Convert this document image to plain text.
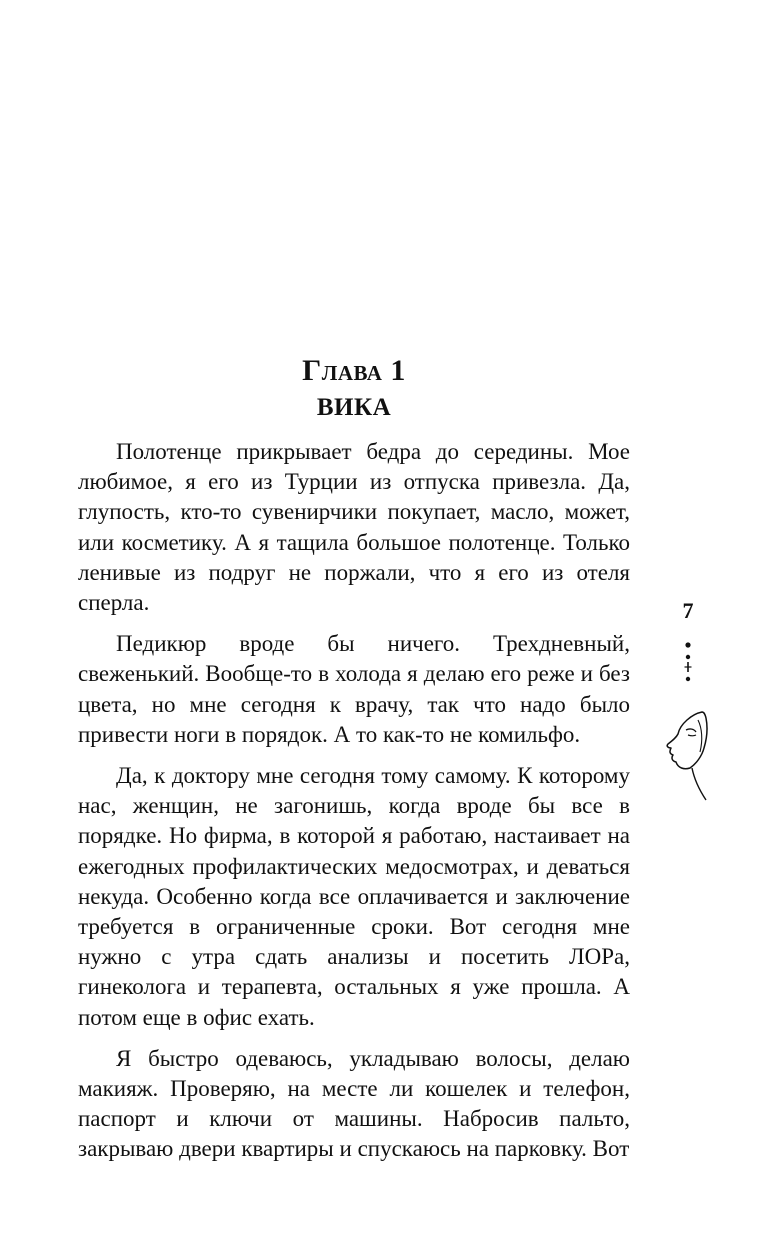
Глава 1
ВИКА

Полотенце прикрывает бедра до середины. Мое любимое, я его из Турции из отпуска привезла. Да, глупость, кто-то сувенирчики покупает, масло, может, или косметику. А я тащила большое полотенце. Только ленивые из подруг не поржали, что я его из отеля сперла.

Педикюр вроде бы ничего. Трехдневный, свеженький. Вообще-то в холода я делаю его реже и без цвета, но мне сегодня к врачу, так что надо было привести ноги в порядок. А то как-то не комильфо.

Да, к доктору мне сегодня тому самому. К которому нас, женщин, не загонишь, когда вроде бы все в порядке. Но фирма, в которой я работаю, настаивает на ежегодных профилактических медосмотрах, и деваться некуда. Особенно когда все оплачивается и заключение требуется в ограниченные сроки. Вот сегодня мне нужно с утра сдать анализы и посетить ЛОРа, гинеколога и терапевта, остальных я уже прошла. А потом еще в офис ехать.

Я быстро одеваюсь, укладываю волосы, делаю макияж. Проверяю, на месте ли кошелек и телефон, паспорт и ключи от машины. Набросив пальто, закрываю двери квартиры и спускаюсь на парковку. Вот

7
